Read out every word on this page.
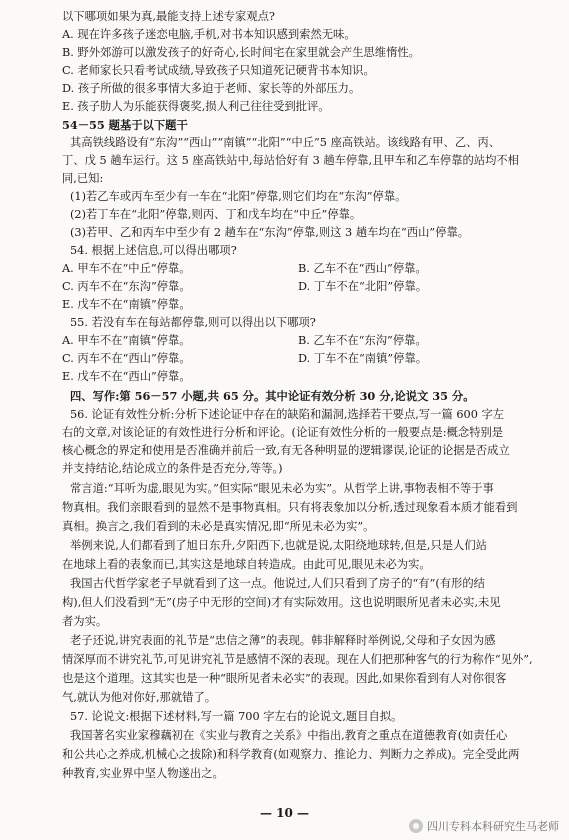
以下哪项如果为真,最能支持上述专家观点?
A. 现在许多孩子迷恋电脑,手机,对书本知识感到索然无味。
B. 野外郊游可以激发孩子的好奇心,长时间宅在家里就会产生思维惰性。
C. 老师家长只看考试成绩,导致孩子只知道死记硬背书本知识。
D. 孩子所做的很多事情大多迫于老师、家长等的外部压力。
E. 孩子肋人为乐能获得褒奖,损人利己往往受到批评。
54－55 题基于以下题干
其高铁线路设有“东沟”“西山”“南镇”“北阳”“中丘”5 座高铁站。该线路有甲、乙、丙、
丁、戊 5 趟车运行。这 5 座高铁站中,每站恰好有 3 趟车停靠,且甲车和乙车停靠的站均不相
同,已知:
(1)若乙车或丙车至少有一车在“北阳”停靠,则它们均在“东沟”停靠。
(2)若丁车在“北阳”停靠,则丙、丁和戊车均在“中丘”停靠。
(3)若甲、乙和丙车中至少有 2 趟车在“东沟”停靠,则这 3 趟车均在“西山”停靠。
54. 根据上述信息,可以得出哪项?
A. 甲车不在“中丘”停靠。	B. 乙车不在“西山”停靠。
C. 丙车不在“东沟”停靠。	D. 丁车不在“北阳”停靠。
E. 戊车不在“南镇”停靠。
55. 若没有车在每站都停靠,则可以得出以下哪项?
A. 甲车不在“南镇”停靠。	B. 乙车不在“东沟”停靠。
C. 丙车不在“西山”停靠。	D. 丁车不在“南镇”停靠。
E. 戊车不在“西山”停靠。
四、写作:第 56－57 小题,共 65 分。其中论证有效分析 30 分,论说文 35 分。
56. 论证有效性分析:分析下述论证中存在的缺陷和漏洞,选择若干要点,写一篇 600 字左
右的文章,对该论证的有效性进行分析和评论。(论证有效性分析的一般要点是:概念特别是
核心概念的界定和使用是否准确并前后一致,有无各种明显的逻辑谬误,论证的论据是否成立
并支持结论,结论成立的条件是否充分,等等。)
常言道:“耳听为虚,眼见为实。”但实际“眼见未必为实”。从哲学上讲,事物表相不等于事
物真相。我们亲眼看到的显然不是事物真相。只有将表象加以分析,透过现象看本质才能看到
真相。换言之,我们看到的未必是真实情况,即“所见未必为实”。
举例来说,人们都看到了旭日东升,夕阳西下,也就是说,太阳绕地球转,但是,只是人们站
在地球上看的表象而已,其实这是地球自转造成。由此可见,眼见未必为实。
我国古代哲学家老子早就看到了这一点。他说过,人们只看到了房子的“有”(有形的结
构),但人们没看到“无”(房子中无形的空间)才有实际效用。这也说明眼所见者未必实,未见
者为实。
老子还说,讲究表面的礼节是“忠信之薄”的表现。韩非解释时举例说,父母和子女因为感
情深厚而不讲究礼节,可见讲究礼节是感情不深的表现。现在人们把那种客气的行为称作“见外”,
也是这个道理。这其实也是一种“眼所见者未必实”的表现。因此,如果你看到有人对你很客
气,就认为他对你好,那就错了。
57. 论说文:根据下述材料,写一篇 700 字左右的论说文,题目自拟。
我国著名实业家穆藕初在《实业与教育之关系》中指出,教育之重点在道德教育(如责任心
和公共心之养成,机械心之拔除)和科学教育(如观察力、推论力、判断力之养成)。完全受此两
种教育,实业界中坚人物遂出之。
— 10 —
四川专科本科研究生马老师
